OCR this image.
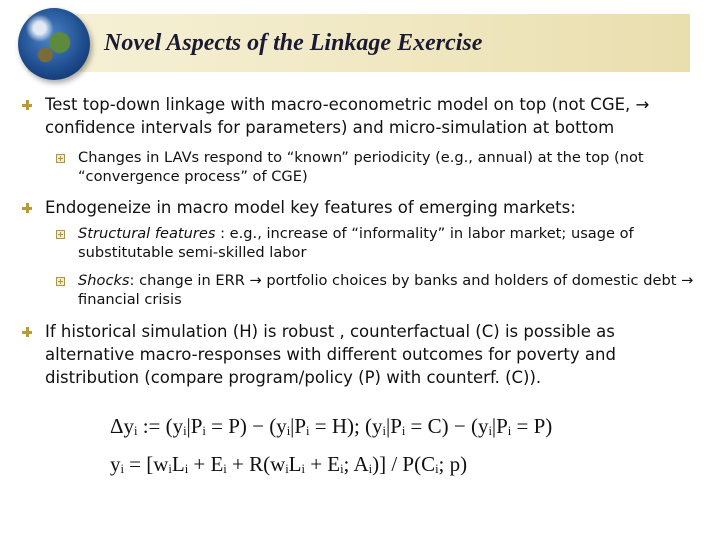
Novel Aspects of the Linkage Exercise
Test top-down linkage with macro-econometric model on top (not CGE, → confidence intervals for parameters) and micro-simulation at bottom
Changes in LAVs respond to “known” periodicity (e.g., annual) at the top (not “convergence process” of CGE)
Endogeneize in macro model key features of emerging markets:
Structural features : e.g., increase of “informality” in labor market; usage of substitutable semi-skilled labor
Shocks: change in ERR → portfolio choices by banks and holders of domestic debt → financial crisis
If historical simulation (H) is robust , counterfactual (C) is possible as alternative macro-responses with different outcomes for poverty and distribution (compare program/policy (P) with counterf. (C)).
Δyᵢ := (yᵢ|Pᵢ = P) − (yᵢ|Pᵢ = H); (yᵢ|Pᵢ = C) − (yᵢ|Pᵢ = P)
yᵢ = [wᵢLᵢ + Eᵢ + R(wᵢLᵢ + Eᵢ; Aᵢ)] / P(Cᵢ; p)
